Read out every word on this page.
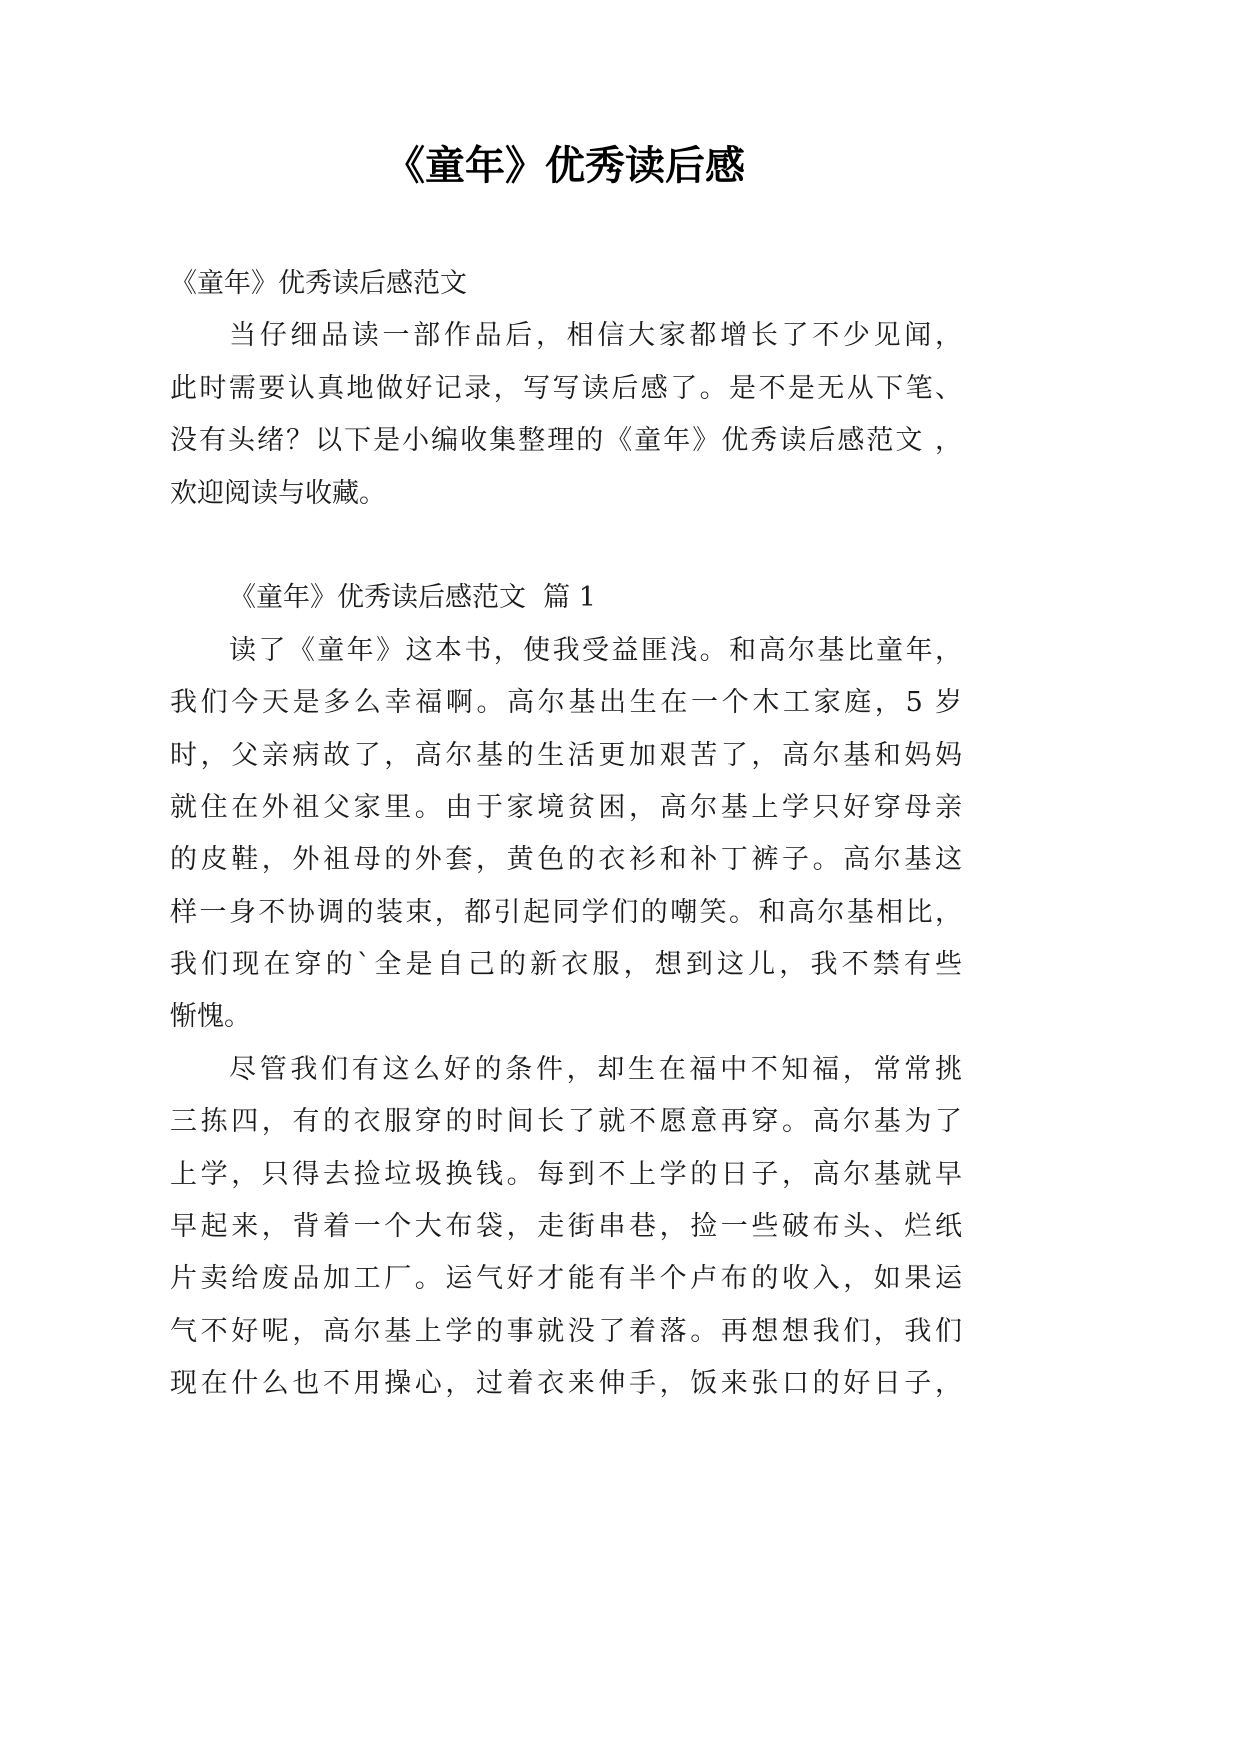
《童年》优秀读后感
《童年》优秀读后感范文
当仔细品读一部作品后，相信大家都增长了不少见闻，
此时需要认真地做好记录，写写读后感了。是不是无从下笔、
没有头绪？以下是小编收集整理的《童年》优秀读后感范文 ，
欢迎阅读与收藏。
《童年》优秀读后感范文  篇 1
读了《童年》这本书，使我受益匪浅。和高尔基比童年，
我们今天是多么幸福啊。高尔基出生在一个木工家庭，5 岁
时，父亲病故了，高尔基的生活更加艰苦了，高尔基和妈妈
就住在外祖父家里。由于家境贫困，高尔基上学只好穿母亲
的皮鞋，外祖母的外套，黄色的衣衫和补丁裤子。高尔基这
样一身不协调的装束，都引起同学们的嘲笑。和高尔基相比，
我们现在穿的`全是自己的新衣服，想到这儿，我不禁有些
惭愧。
尽管我们有这么好的条件，却生在福中不知福，常常挑
三拣四，有的衣服穿的时间长了就不愿意再穿。高尔基为了
上学，只得去捡垃圾换钱。每到不上学的日子，高尔基就早
早起来，背着一个大布袋，走街串巷，捡一些破布头、烂纸
片卖给废品加工厂。运气好才能有半个卢布的收入，如果运
气不好呢，高尔基上学的事就没了着落。再想想我们，我们
现在什么也不用操心，过着衣来伸手，饭来张口的好日子，
